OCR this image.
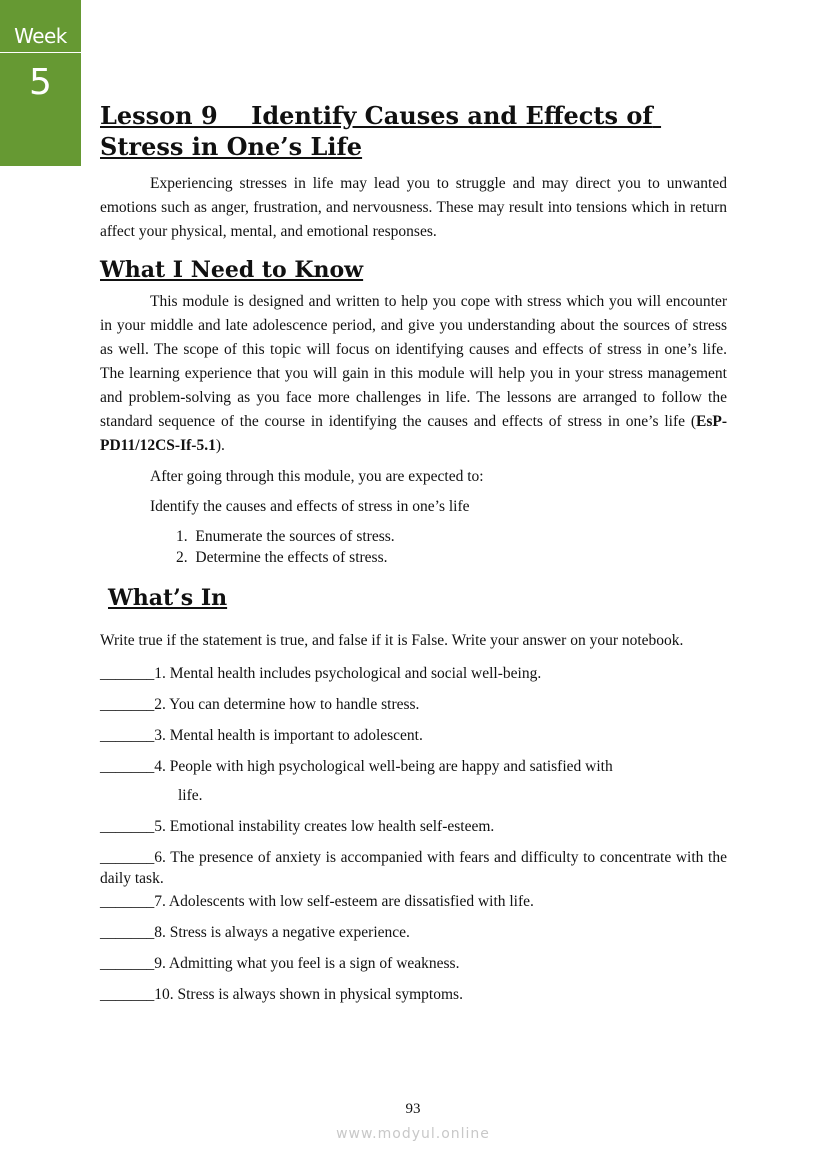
Week
5
Lesson 9    Identify Causes and Effects of Stress in One’s Life
Experiencing stresses in life may lead you to struggle and may direct you to unwanted emotions such as anger, frustration, and nervousness. These may result into tensions which in return affect your physical, mental, and emotional responses.
What I Need to Know
This module is designed and written to help you cope with stress which you will encounter in your middle and late adolescence period, and give you understanding about the sources of stress as well. The scope of this topic will focus on identifying causes and effects of stress in one’s life. The learning experience that you will gain in this module will help you in your stress management and problem-solving as you face more challenges in life. The lessons are arranged to follow the standard sequence of the course in identifying the causes and effects of stress in one’s life (EsP-PD11/12CS-If-5.1).
After going through this module, you are expected to:
Identify the causes and effects of stress in one’s life
1.  Enumerate the sources of stress.
2.  Determine the effects of stress.
What’s In
Write true if the statement is true, and false if it is False. Write your answer on your notebook.
_______1. Mental health includes psychological and social well-being.
_______2. You can determine how to handle stress.
_______3. Mental health is important to adolescent.
_______4. People with high psychological well-being are happy and satisfied with
life.
_______5. Emotional instability creates low health self-esteem.
_______6. The presence of anxiety is accompanied with fears and difficulty to concentrate with the daily task.
_______7. Adolescents with low self-esteem are dissatisfied with life.
_______8. Stress is always a negative experience.
_______9. Admitting what you feel is a sign of weakness.
_______10. Stress is always shown in physical symptoms.
93
www.modyul.online
